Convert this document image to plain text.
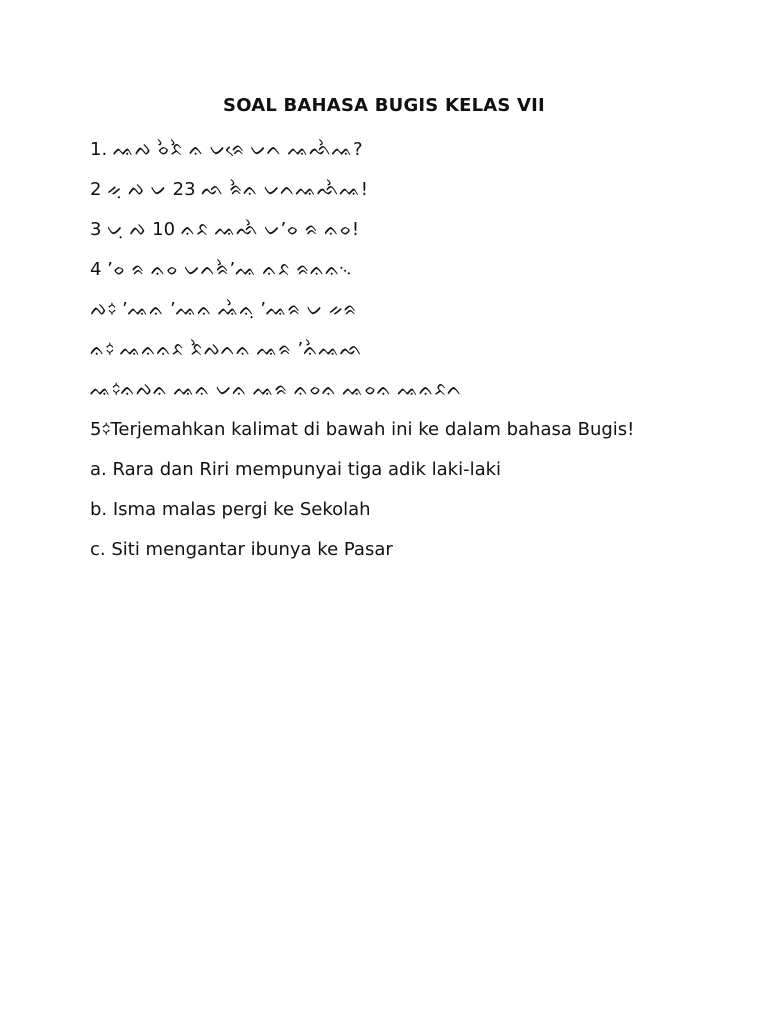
SOAL BAHASA BUGIS KELAS VII
1. ᨕᨄ ᨔᨛᨅᨛ ᨊ ᨆᨑᨙ ᨆᨈ ᨕᨒᨛᨕ?
2 ᨀᨘ ᨄ ᨆ 23 ᨒ ᨑᨛᨊ ᨆᨈᨕᨒᨛᨕ!
3 ᨆᨘ ᨄ 10 ᨊᨅ ᨕᨒᨛ ᨆ’ᨔ ᨑ ᨊᨔ!
4 ’ᨔ ᨑ ᨊᨔ ᨆᨈᨑᨛ’ᨕ ᨊᨅ ᨑᨊᨊ᨞
ᨄ᨟ ’ᨕᨊ ’ᨕᨊ ᨕᨛᨊᨘ ’ᨕᨑ ᨆ ᨀᨑ
ᨊ᨟ ᨕᨊᨊᨅ ᨅᨛᨄᨈᨊ ᨕᨑ ’ᨊᨛᨕᨒ
ᨕ᨟ᨊᨄᨊ ᨕᨊ ᨆᨊ ᨕᨑ ᨊᨔᨊ ᨕᨔᨊ ᨕᨊᨅᨈ
5᨟Terjemahkan kalimat di bawah ini ke dalam bahasa Bugis!
a. Rara dan Riri mempunyai tiga adik laki-laki
b. Isma malas pergi ke Sekolah
c. Siti mengantar ibunya ke Pasar
